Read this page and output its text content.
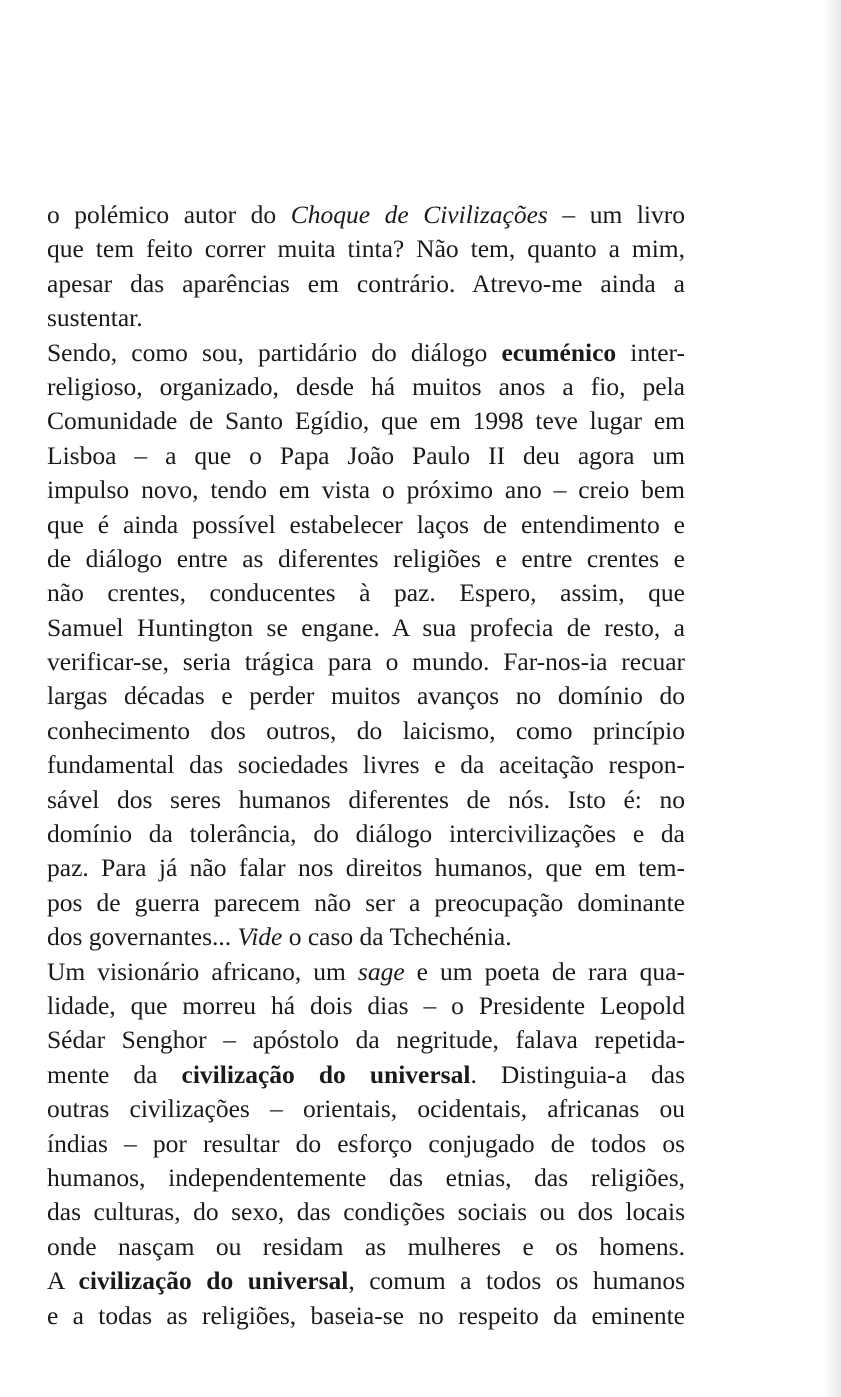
o polémico autor do Choque de Civilizações – um livro
que tem feito correr muita tinta? Não tem, quanto a mim,
apesar das aparências em contrário. Atrevo-me ainda a
sustentar.
Sendo, como sou, partidário do diálogo ecuménico inter-
religioso, organizado, desde há muitos anos a fio, pela
Comunidade de Santo Egídio, que em 1998 teve lugar em
Lisboa – a que o Papa João Paulo II deu agora um
impulso novo, tendo em vista o próximo ano – creio bem
que é ainda possível estabelecer laços de entendimento e
de diálogo entre as diferentes religiões e entre crentes e
não crentes, conducentes à paz. Espero, assim, que
Samuel Huntington se engane. A sua profecia de resto, a
verificar-se, seria trágica para o mundo. Far-nos-ia recuar
largas décadas e perder muitos avanços no domínio do
conhecimento dos outros, do laicismo, como princípio
fundamental das sociedades livres e da aceitação respon-
sável dos seres humanos diferentes de nós. Isto é: no
domínio da tolerância, do diálogo intercivilizações e da
paz. Para já não falar nos direitos humanos, que em tem-
pos de guerra parecem não ser a preocupação dominante
dos governantes... Vide o caso da Tchechénia.
Um visionário africano, um sage e um poeta de rara qua-
lidade, que morreu há dois dias – o Presidente Leopold
Sédar Senghor – apóstolo da negritude, falava repetida-
mente da civilização do universal. Distinguia-a das
outras civilizações – orientais, ocidentais, africanas ou
índias – por resultar do esforço conjugado de todos os
humanos, independentemente das etnias, das religiões,
das culturas, do sexo, das condições sociais ou dos locais
onde nasçam ou residam as mulheres e os homens.
A civilização do universal, comum a todos os humanos
e a todas as religiões, baseia-se no respeito da eminente
